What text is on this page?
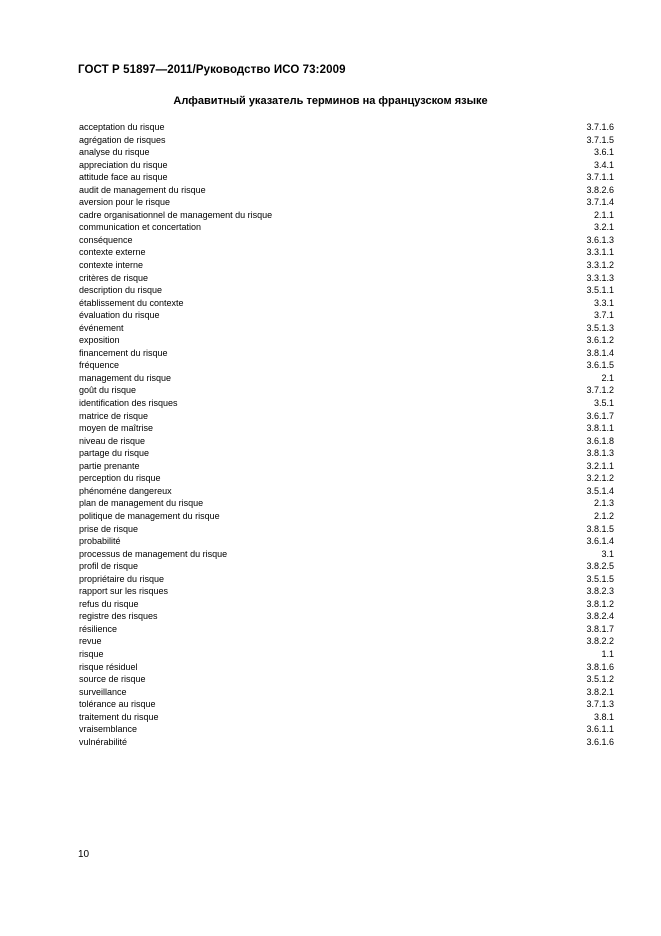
ГОСТ Р 51897—2011/Руководство ИСО 73:2009
Алфавитный указатель терминов на французском языке
acceptation du risque	3.7.1.6
agrégation de risques	3.7.1.5
analyse du risque	3.6.1
appreciation du risque	3.4.1
attitude face au risque	3.7.1.1
audit de management du risque	3.8.2.6
aversion pour le risque	3.7.1.4
cadre organisationnel de management du risque	2.1.1
communication et concertation	3.2.1
conséquence	3.6.1.3
contexte externe	3.3.1.1
contexte interne	3.3.1.2
critères de risque	3.3.1.3
description du risque	3.5.1.1
établissement du contexte	3.3.1
évaluation du risque	3.7.1
événement	3.5.1.3
exposition	3.6.1.2
financement du risque	3.8.1.4
fréquence	3.6.1.5
management du risque	2.1
goût du risque	3.7.1.2
identification des risques	3.5.1
matrice de risque	3.6.1.7
moyen de maîtrise	3.8.1.1
niveau de risque	3.6.1.8
partage du risque	3.8.1.3
partie prenante	3.2.1.1
perception du risque	3.2.1.2
phénoméne dangereux	3.5.1.4
plan de management du risque	2.1.3
politique de management du risque	2.1.2
prise de risque	3.8.1.5
probabilité	3.6.1.4
processus de management du risque	3.1
profil de risque	3.8.2.5
propriétaire du risque	3.5.1.5
rapport sur les risques	3.8.2.3
refus du risque	3.8.1.2
registre des risques	3.8.2.4
résilience	3.8.1.7
revue	3.8.2.2
risque	1.1
risque résiduel	3.8.1.6
source de risque	3.5.1.2
surveillance	3.8.2.1
tolérance au risque	3.7.1.3
traitement du risque	3.8.1
vraisemblance	3.6.1.1
vulnérabilité	3.6.1.6
10
